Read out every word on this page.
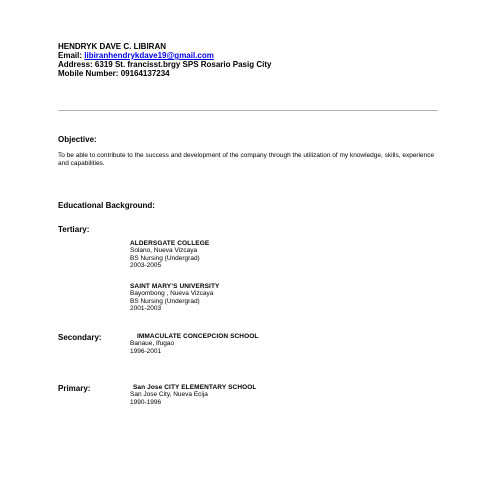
HENDRYK DAVE C. LIBIRAN
Email: libiranhendrykdave19@gmail.com
Address: 6319 St. francisst.brgy SPS Rosario Pasig City
Mobile Number: 09164137234
Objective:
To be able to contribute to the success and development of the company through the utilization of my knowledge, skills, experience and capabilities.
Educational Background:
Tertiary:
ALDERSGATE COLLEGE
Solano, Nueva Vizcaya
BS Nursing (Undergrad)
2003-2005
SAINT MARY’S UNIVERSITY
Bayombong , Nueva Vizcaya
BS Nursing (Undergrad)
2001-2003
Secondary:	IMMACULATE CONCEPCION SCHOOL
Banaue, Ifugao
1996-2001
Primary:	San Jose CITY ELEMENTARY SCHOOL
San Jose City, Nueva Ecija
1990-1996
